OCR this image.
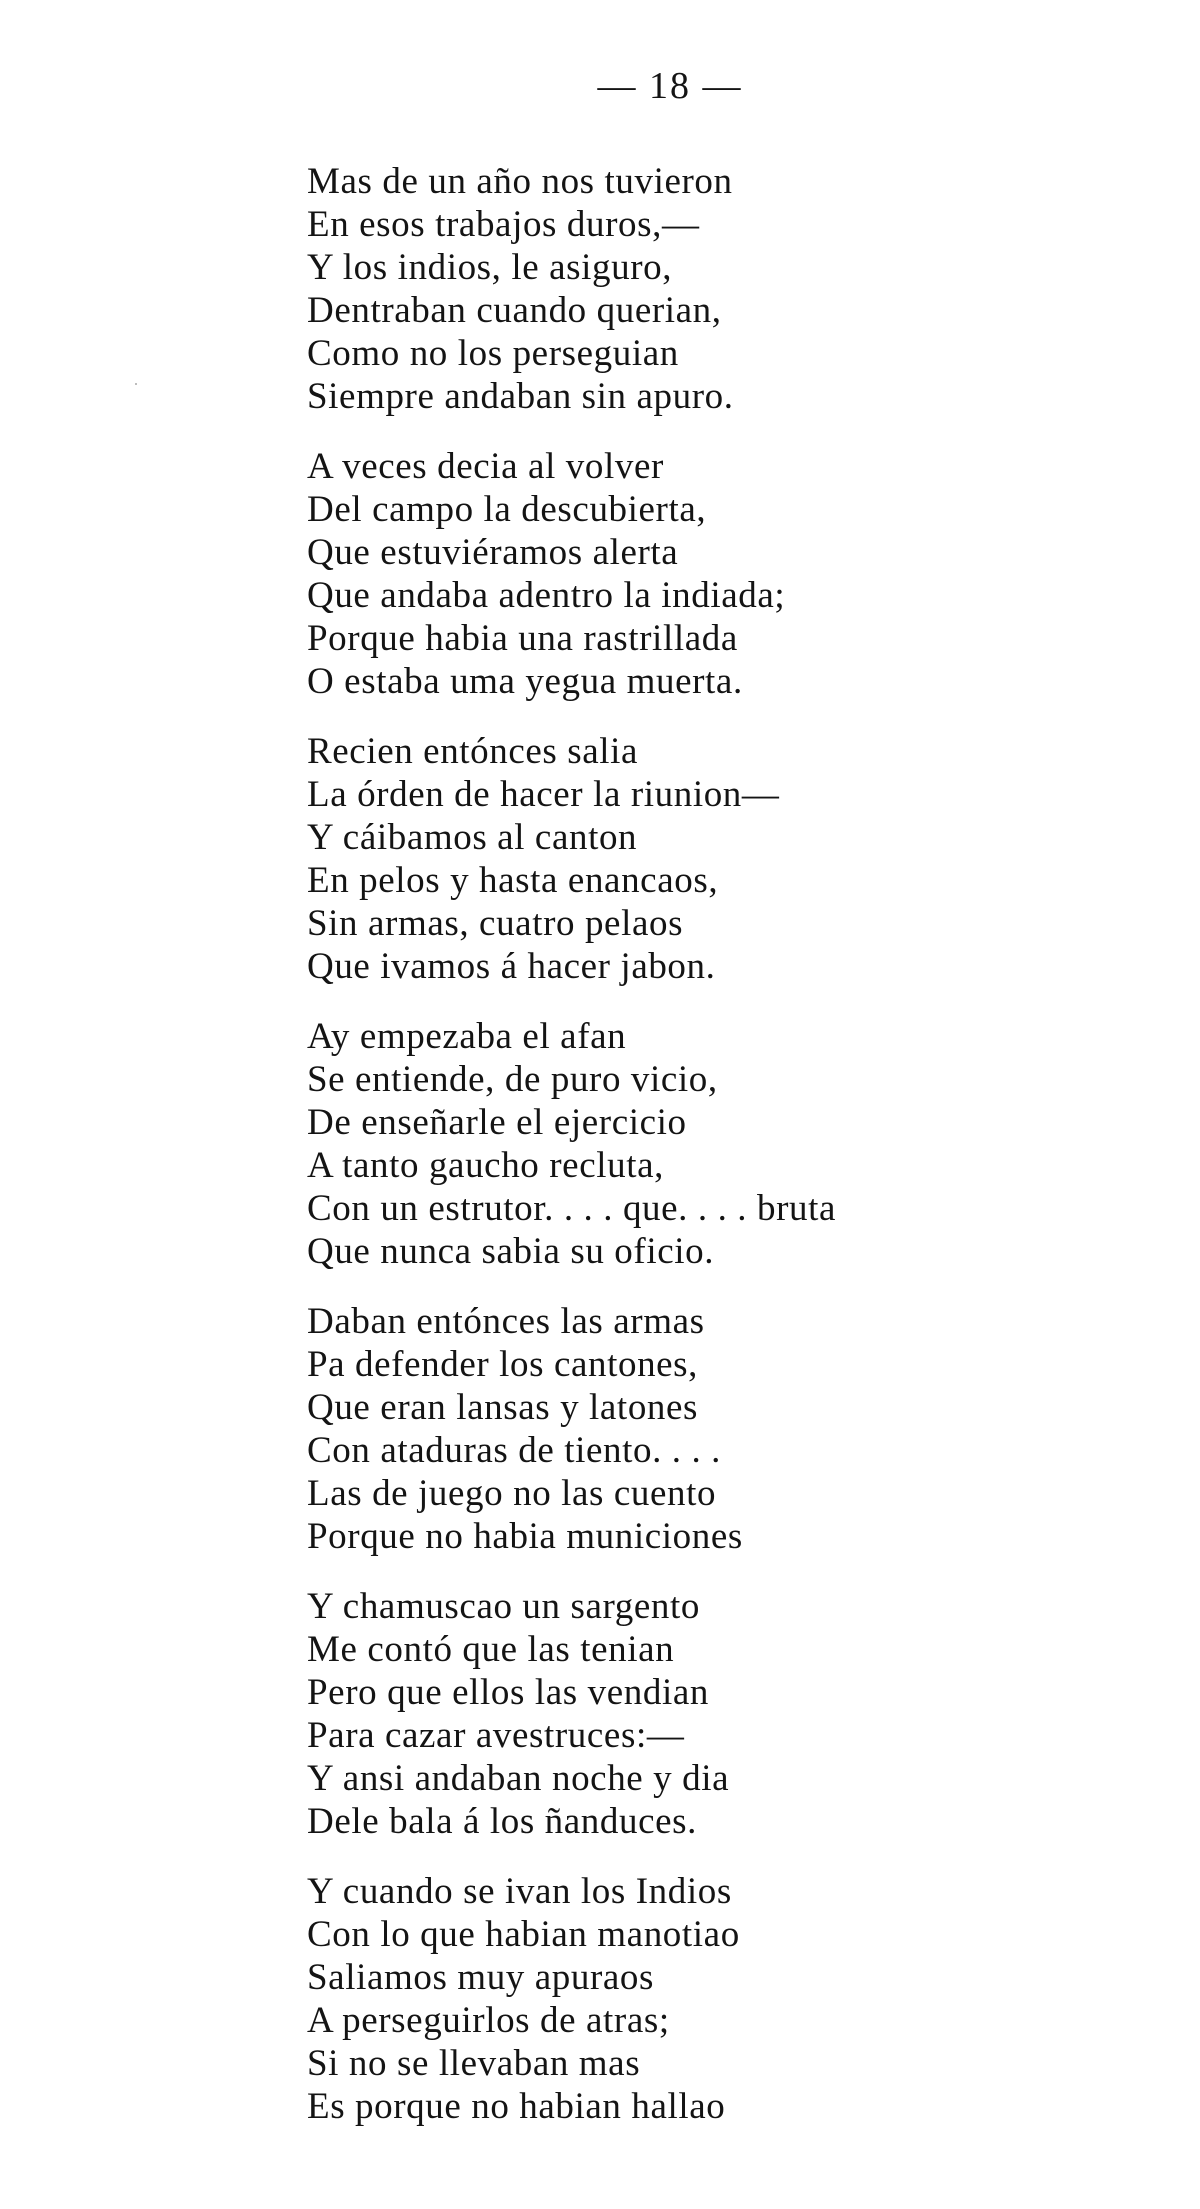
— 18 —
Mas de un año nos tuvieron
En esos trabajos duros,—
Y los indios, le asiguro,
Dentraban cuando querian,
Como no los perseguian
Siempre andaban sin apuro.
A veces decia al volver
Del campo la descubierta,
Que estuviéramos alerta
Que andaba adentro la indiada;
Porque habia una rastrillada
O estaba uma yegua muerta.
Recien entónces salia
La órden de hacer la riunion—
Y cáibamos al canton
En pelos y hasta enancaos,
Sin armas, cuatro pelaos
Que ivamos á hacer jabon.
Ay empezaba el afan
Se entiende, de puro vicio,
De enseñarle el ejercicio
A tanto gaucho recluta,
Con un estrutor. . . . que. . . . bruta
Que nunca sabia su oficio.
Daban entónces las armas
Pa defender los cantones,
Que eran lansas y latones
Con ataduras de tiento. . . .
Las de juego no las cuento
Porque no habia municiones
Y chamuscao un sargento
Me contó que las tenian
Pero que ellos las vendian
Para cazar avestruces:—
Y ansi andaban noche y dia
Dele bala á los ñanduces.
Y cuando se ivan los Indios
Con lo que habian manotiao
Saliamos muy apuraos
A perseguirlos de atras;
Si no se llevaban mas
Es porque no habian hallao
